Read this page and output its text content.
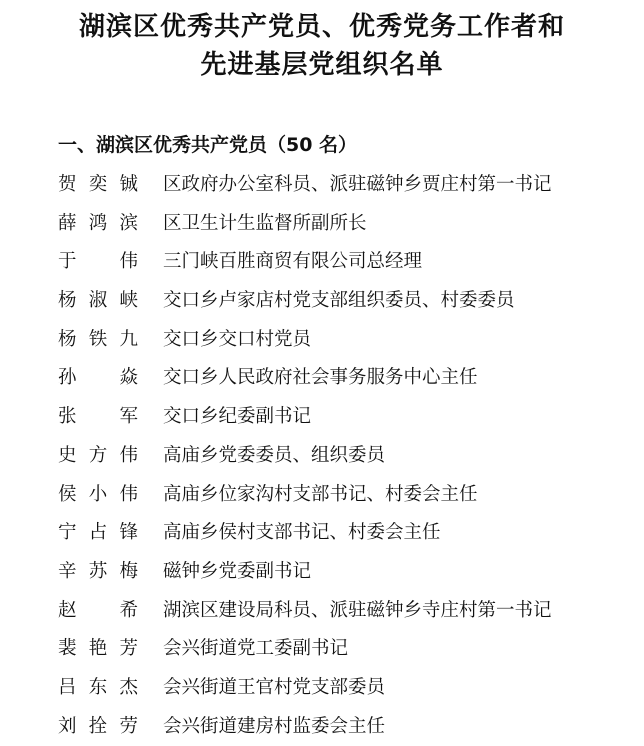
湖滨区优秀共产党员、优秀党务工作者和
先进基层党组织名单
一、湖滨区优秀共产党员（50 名）
贺奕铖 区政府办公室科员、派驻磁钟乡贾庄村第一书记
薛鸿滨 区卫生计生监督所副所长
于　伟 三门峡百胜商贸有限公司总经理
杨淑峡 交口乡卢家店村党支部组织委员、村委委员
杨铁九 交口乡交口村党员
孙　焱 交口乡人民政府社会事务服务中心主任
张　军 交口乡纪委副书记
史方伟 高庙乡党委委员、组织委员
侯小伟 高庙乡位家沟村支部书记、村委会主任
宁占锋 高庙乡侯村支部书记、村委会主任
辛苏梅 磁钟乡党委副书记
赵　希 湖滨区建设局科员、派驻磁钟乡寺庄村第一书记
裴艳芳 会兴街道党工委副书记
吕东杰 会兴街道王官村党支部委员
刘拴劳 会兴街道建房村监委会主任
